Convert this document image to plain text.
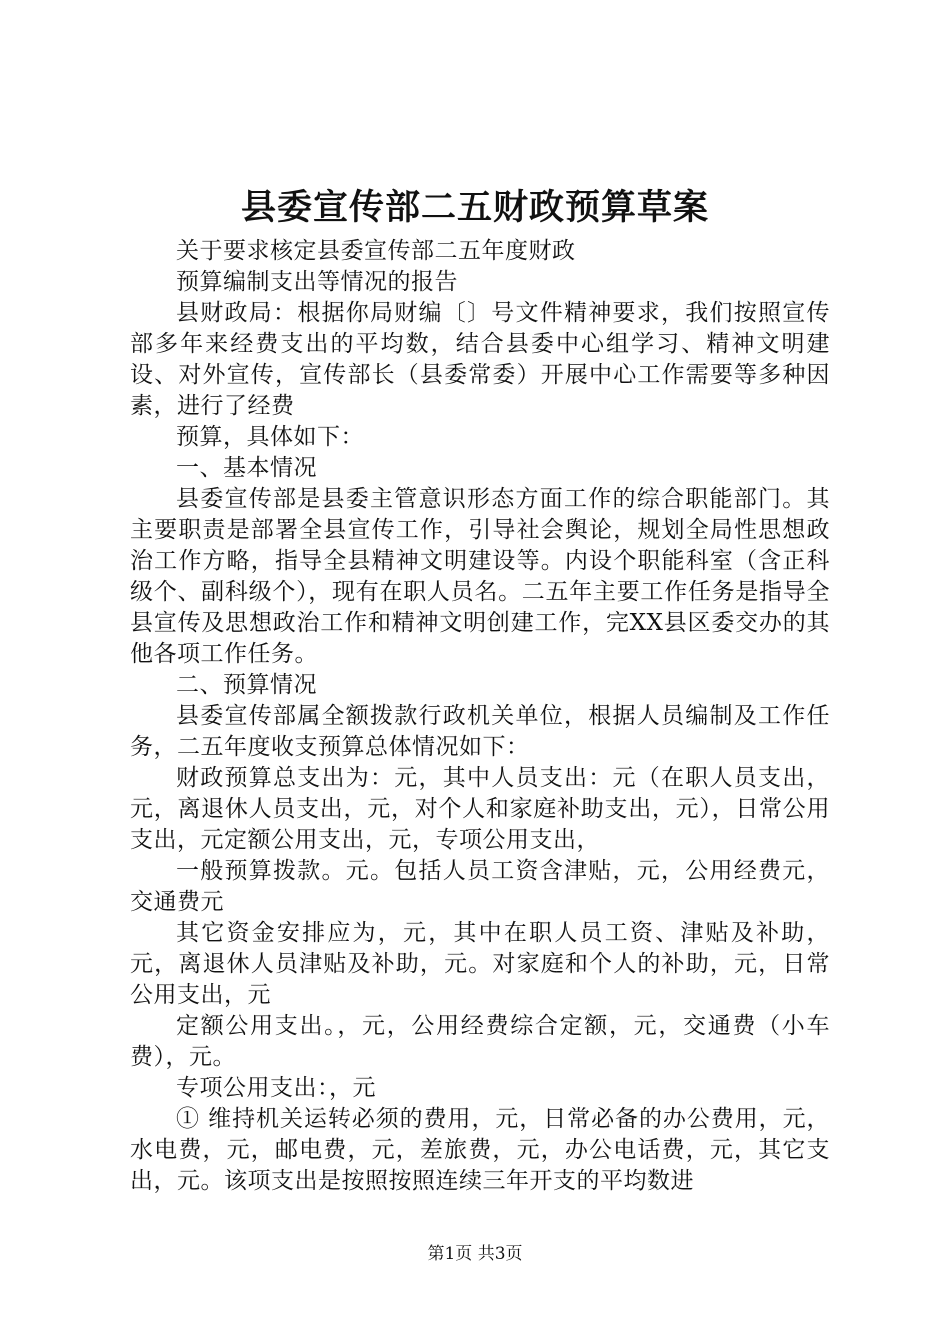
县委宣传部二五财政预算草案

关于要求核定县委宣传部二五年度财政

预算编制支出等情况的报告

县财政局：根据你局财编〔〕号文件精神要求，我们按照宣传部多年来经费支出的平均数，结合县委中心组学习、精神文明建设、对外宣传，宣传部长（县委常委）开展中心工作需要等多种因素，进行了经费

预算，具体如下：

一、基本情况

县委宣传部是县委主管意识形态方面工作的综合职能部门。其主要职责是部署全县宣传工作，引导社会舆论，规划全局性思想政治工作方略，指导全县精神文明建设等。内设个职能科室（含正科级个、副科级个），现有在职人员名。二五年主要工作任务是指导全县宣传及思想政治工作和精神文明创建工作，完XX县区委交办的其他各项工作任务。

二、预算情况

县委宣传部属全额拨款行政机关单位，根据人员编制及工作任务，二五年度收支预算总体情况如下：

财政预算总支出为：元，其中人员支出：元（在职人员支出，元，离退休人员支出，元，对个人和家庭补助支出，元），日常公用支出，元定额公用支出，元，专项公用支出，

一般预算拨款。元。包括人员工资含津贴，元，公用经费元，交通费元

其它资金安排应为，元，其中在职人员工资、津贴及补助，元，离退休人员津贴及补助，元。对家庭和个人的补助，元，日常公用支出，元

定额公用支出。，元，公用经费综合定额，元，交通费（小车费），元。

专项公用支出：，元

① 维持机关运转必须的费用，元，日常必备的办公费用，元，水电费，元，邮电费，元，差旅费，元，办公电话费，元，其它支出，元。该项支出是按照按照连续三年开支的平均数进

第1页 共3页
